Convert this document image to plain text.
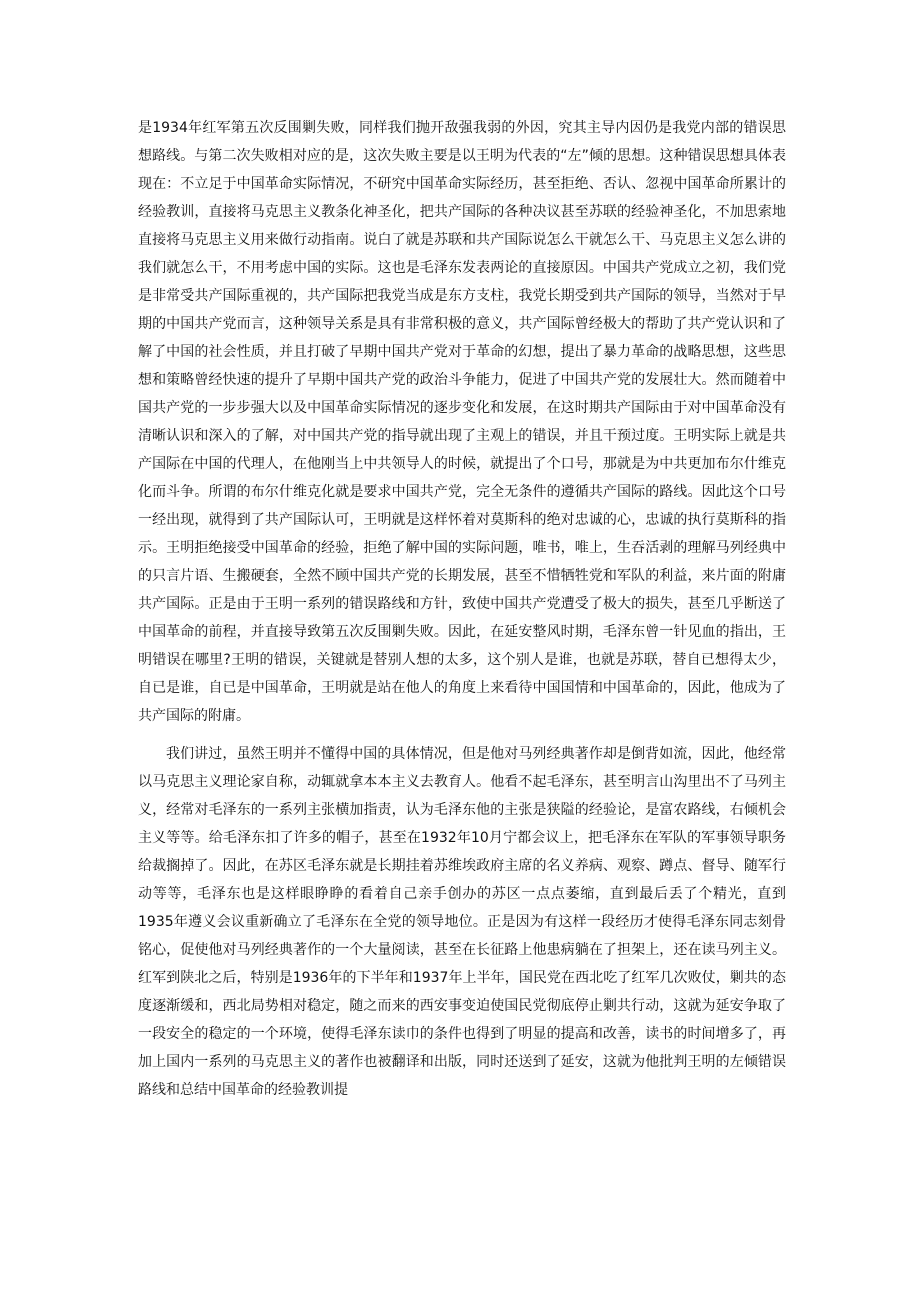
是1934年红军第五次反围剿失败，同样我们抛开敌强我弱的外因，究其主导内因仍是我党内部的错误思想路线。与第二次失败相对应的是，这次失败主要是以王明为代表的“左”倾的思想。这种错误思想具体表现在：不立足于中国革命实际情况，不研究中国革命实际经历，甚至拒绝、否认、忽视中国革命所累计的经验教训，直接将马克思主义教条化神圣化，把共产国际的各种决议甚至苏联的经验神圣化，不加思索地直接将马克思主义用来做行动指南。说白了就是苏联和共产国际说怎么干就怎么干、马克思主义怎么讲的我们就怎么干，不用考虑中国的实际。这也是毛泽东发表两论的直接原因。中国共产党成立之初，我们党是非常受共产国际重视的，共产国际把我党当成是东方支柱，我党长期受到共产国际的领导，当然对于早期的中国共产党而言，这种领导关系是具有非常积极的意义，共产国际曾经极大的帮助了共产党认识和了解了中国的社会性质，并且打破了早期中国共产党对于革命的幻想，提出了暴力革命的战略思想，这些思想和策略曾经快速的提升了早期中国共产党的政治斗争能力，促进了中国共产党的发展壮大。然而随着中国共产党的一步步强大以及中国革命实际情况的逐步变化和发展，在这时期共产国际由于对中国革命没有清晰认识和深入的了解，对中国共产党的指导就出现了主观上的错误，并且干预过度。王明实际上就是共产国际在中国的代理人，在他刚当上中共领导人的时候，就提出了个口号，那就是为中共更加布尔什维克化而斗争。所谓的布尔什维克化就是要求中国共产党，完全无条件的遵循共产国际的路线。因此这个口号一经出现，就得到了共产国际认可，王明就是这样怀着对莫斯科的绝对忠诚的心，忠诚的执行莫斯科的指示。王明拒绝接受中国革命的经验，拒绝了解中国的实际问题，唯书，唯上，生吞活剥的理解马列经典中的只言片语、生搬硬套，全然不顾中国共产党的长期发展，甚至不惜牺牲党和军队的利益，来片面的附庸共产国际。正是由于王明一系列的错误路线和方针，致使中国共产党遭受了极大的损失，甚至几乎断送了中国革命的前程，并直接导致第五次反围剿失败。因此，在延安整风时期，毛泽东曾一针见血的指出，王明错误在哪里?王明的错误，关键就是替别人想的太多，这个别人是谁，也就是苏联，替自已想得太少，自已是谁，自已是中国革命，王明就是站在他人的角度上来看待中国国情和中国革命的，因此，他成为了共产国际的附庸。

我们讲过，虽然王明并不懂得中国的具体情况，但是他对马列经典著作却是倒背如流，因此，他经常以马克思主义理论家自称，动辄就拿本本主义去教育人。他看不起毛泽东，甚至明言山沟里出不了马列主义，经常对毛泽东的一系列主张横加指责，认为毛泽东他的主张是狭隘的经验论，是富农路线，右倾机会主义等等。给毛泽东扣了许多的帽子，甚至在1932年10月宁都会议上，把毛泽东在军队的军事领导职务给裁搁掉了。因此，在苏区毛泽东就是长期挂着苏维埃政府主席的名义养病、观察、蹲点、督导、随军行动等等，毛泽东也是这样眼睁睁的看着自己亲手创办的苏区一点点萎缩，直到最后丢了个精光，直到1935年遵义会议重新确立了毛泽东在全党的领导地位。正是因为有这样一段经历才使得毛泽东同志刻骨铭心，促使他对马列经典著作的一个大量阅读，甚至在长征路上他患病躺在了担架上，还在读马列主义。红军到陕北之后，特别是1936年的下半年和1937年上半年，国民党在西北吃了红军几次败仗，剿共的态度逐渐缓和，西北局势相对稳定，随之而来的西安事变迫使国民党彻底停止剿共行动，这就为延安争取了一段安全的稳定的一个环境，使得毛泽东读巾的条件也得到了明显的提高和改善，读书的时间增多了，再加上国内一系列的马克思主义的著作也被翻译和出版，同时还送到了延安，这就为他批判王明的左倾错误路线和总结中国革命的经验教训提
